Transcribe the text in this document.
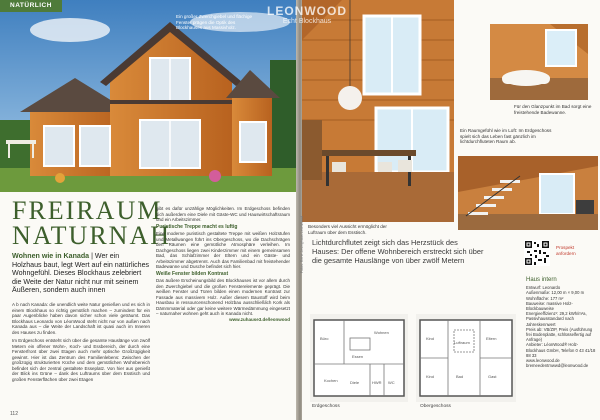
NATÜRLICH
Ein großer Zwerchgiebel und flächige Fenster prägen die Optik des Blockhauses aus Massivholz.
FREIRAUM
NATURNAH
Wohnen wie in Kanada | Wer ein Holzhaus baut, legt Wert auf ein natürliches Wohngefühl. Dieses Blockhaus zelebriert die Weite der Natur nicht nur mit seinem Äußeren, sondern auch innen

A b nach Kanada: die unendlich weite Natur genießen und es sich in einem Blockhaus so richtig gemütlich machen – zumindest für ein paar Augenblicke haben davon sicher schon viele geträumt. Das Blockhaus Leonardo von LéonWood steht nicht nur von außen nach Kanada aus – die Weite der Landschaft ist quasi auch im Inneren des Hauses zu finden.

Im Erdgeschoss entsteht sich über die gesamte Hauslänge von zwölf Metern ein offener Wohn-, Koch- und Essbereich, der durch eine Fensterfront über zwei Etagen auch mehr optische Großzügigkeit gewinnt. Hier ist das Zentrum des Familienlebens: Zwischen der großzügig strukturierten Küche und dem gemütlichen Wohnbereich befindet sich der zentral gestaltete Esseplatz. Von hier aus genießt der Blick ins Grüne – dank des Luftraums über dem Esstisch und großen Fensterflächen über zwei Etagen

gibt es dafür unzählige Möglichkeiten. Im Erdgeschoss befinden sich außerdem eine Diele mit Gäste-WC und Hauswirtschaftsraum und ein Arbeitszimmer.

Puristische Treppe macht es luftig

Eine moderne puristisch gestaltete Treppe mit weißen Holzstufen und Metallwangen führt ins Obergeschoss, wo die Dachschrägen den Räumen eine gemütliche Atmosphäre verleihen. Im Dachgeschoss liegen zwei Kinderzimmer mit einem gemeinsamen Bad, das Schlafzimmer der Eltern und ein Gäste- und Arbeitszimmer abgetrennt. Auch das Familienbad mit freistehender Badewanne und Dusche befindet sich hier.

Weiße Fenster bilden Kontrast

Das äußere Erscheinungsbild des Blockhauses ist vor allem durch den Zwerchgiebel und die großen Fensterelemente geprägt. Die weißen Fenster und Türen bilden einen modernen Kontrast zur Fassade aus massivem Holz. Außer diesem Baustoff wird beim Hausbau in ressourcenschonend Holzbau ausschließlich Kork als Dämmmaterial oder gar keine weitere Wärmedämmung eingesetzt – naturnaher wohnen geht auch in Kanada nicht.

www.zuhause3.de/leonwood
112
Fotos: Rene Jesinghaus LeonWood Besonders viel Aussicht ermöglicht der Luftraum über dem Esstisch.
Für den Glanzpunkt im Bad sorgt eine freistehende Badewanne.
Ein Raumgefühl wie im Loft: Im Erdgeschoss spielt sich das Leben fast gänzlich im lichtdurchfluteten Raum ab.
Lichtdurchflutet zeigt sich das Herzstück des Hauses: Der offene Wohnbereich erstreckt sich über die gesamte Hauslänge von über zwölf Metern
Prospekt
anfordern
Haus intern
Entwurf: Leonardo
Außenmaße: 12,00 m × 9,00 m
Wohnfläche: 177 m²
Bauweise: massive Holz-Blockbauweise
Energieeffizienz¹: 29,2 kWh/m²a, Passivhausstandard nach Jahreskennwert
Preis ab: VB/ZIP, Preis (Ausführung frei Bodenplatte, schlüsselfertig auf Anfrage)
Anbieter: LéonWood® Holz-Blockhaus GmbH, Telefon 0 43 41/18 88 33
www.leonwood.de
bremeedentmwwd@leonwood.de
Büro
Wohnen
Kochen
Essen
Diele	HWR WC
Kind
Kind
Eltern
Bad
Luftraum
Gast
Erdgeschoss	Obergeschoss
LEONWOOD
Echt Blockhaus
